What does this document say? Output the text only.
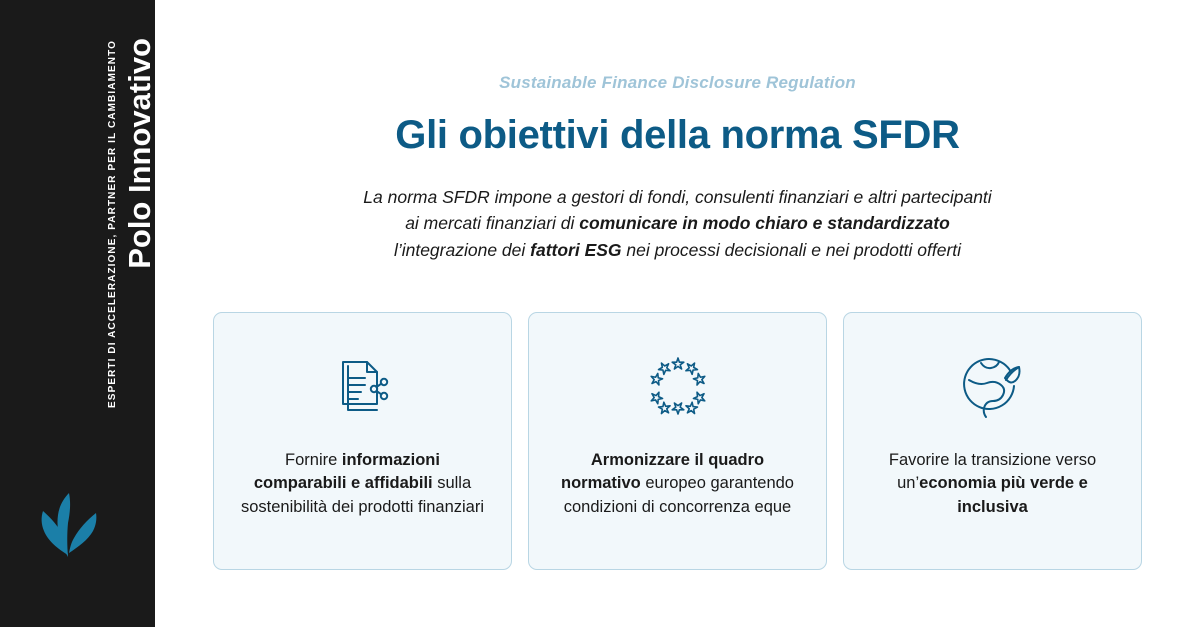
Polo Innovativo
ESPERTI DI ACCELERAZIONE, PARTNER PER IL CAMBIAMENTO	Sustainable Finance Disclosure Regulation
Gli obiettivi della norma SFDR

La norma SFDR impone a gestori di fondi, consulenti finanziari e altri partecipanti
ai mercati finanziari di comunicare in modo chiaro e standardizzato
l’integrazione dei fattori ESG nei processi decisionali e nei prodotti offerti

Fornire informazioni comparabili e affidabili sulla sostenibilità dei prodotti finanziari

Armonizzare il quadro normativo europeo garantendo condizioni di concorrenza eque

Favorire la transizione verso un’economia più verde e inclusiva
